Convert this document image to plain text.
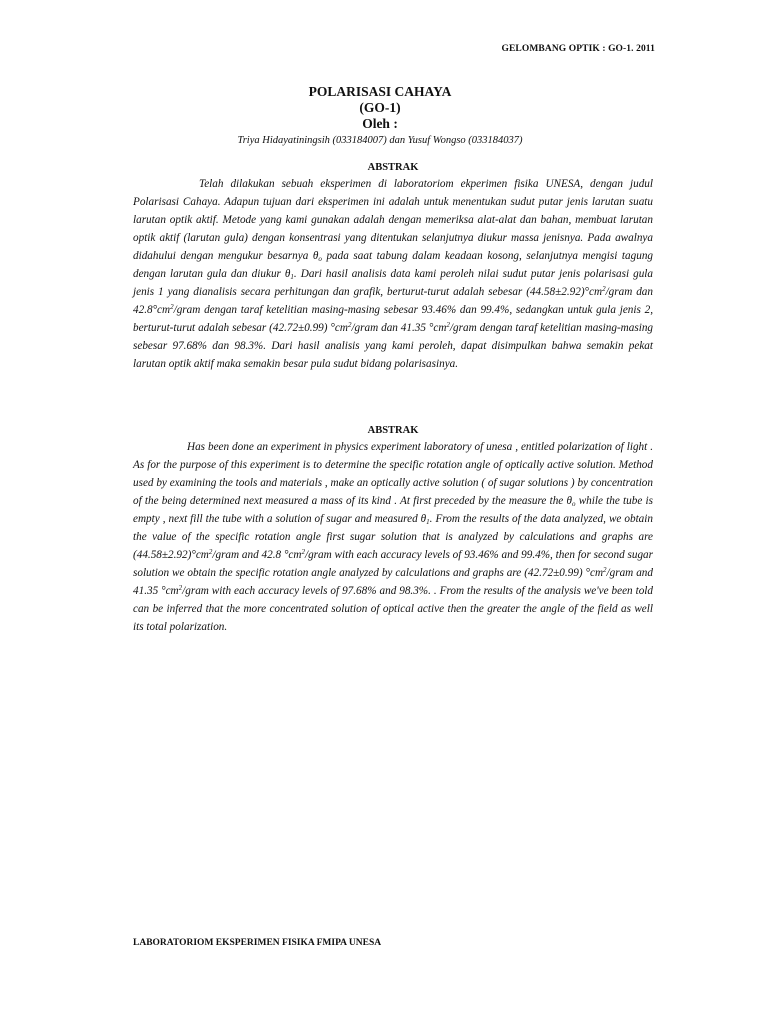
GELOMBANG OPTIK : GO-1. 2011
POLARISASI CAHAYA
(GO-1)
Oleh :
Triya Hidayatiningsih (033184007) dan Yusuf Wongso (033184037)
ABSTRAK

Telah dilakukan sebuah eksperimen di laboratoriom ekperimen fisika UNESA, dengan judul Polarisasi Cahaya. Adapun tujuan dari eksperimen ini adalah untuk menentukan sudut putar jenis larutan suatu larutan optik aktif. Metode yang kami gunakan adalah dengan memeriksa alat-alat dan bahan, membuat larutan optik aktif (larutan gula) dengan konsentrasi yang ditentukan selanjutnya diukur massa jenisnya. Pada awalnya didahului dengan mengukur besarnya $\theta_o$ pada saat tabung dalam keadaan kosong, selanjutnya mengisi tagung dengan larutan gula dan diukur $\theta_1$. Dari hasil analisis data kami peroleh nilai sudut putar jenis polarisasi gula jenis 1 yang dianalisis secara perhitungan dan grafik, berturut-turut adalah sebesar $(44.58\pm 2.92)^\circ cm^2$/gram dan $42.8^\circ cm^2$/gram dengan taraf ketelitian masing-masing sebesar 93.46% dan 99.4%, sedangkan untuk gula jenis 2, berturut-turut adalah sebesar (42.72±0.99) $^\circ cm^2$/gram dan 41.35 $^\circ cm^2$/gram dengan taraf ketelitian masing-masing sebesar 97.68% dan 98.3%. Dari hasil analisis yang kami peroleh, dapat disimpulkan bahwa semakin pekat larutan optik aktif maka semakin besar pula sudut bidang polarisasinya.

ABSTRAK

Has been done an experiment in physics experiment laboratory of unesa , entitled polarization of light . As for the purpose of this experiment is to determine the specific rotation angle of optically active solution. Method used by examining the tools and materials , make an optically active solution ( of sugar solutions ) by concentration of the being determined next measured a mass of its kind . At first preceded by the measure the $\theta_o$ while the tube is empty , next fill the tube with a solution of sugar and measured $\theta_1$. From the results of the data analyzed, we obtain the value of the specific rotation angle first sugar solution that is analyzed by calculations and graphs are $(44.58\pm 2.92)^\circ cm^2$/gram and 42.8 $^\circ cm^2$/gram with each accuracy levels of 93.46% and 99.4%, then for second sugar solution we obtain the specific rotation angle analyzed by calculations and graphs are (42.72±0.99) $^\circ cm^2$/gram and 41.35 $^\circ cm^2$/gram with each accuracy levels of 97.68% and 98.3%. . From the results of the analysis we've been told can be inferred that the more concentrated solution of optical active then the greater the angle of the field as well its total polarization.

LABORATORIOM EKSPERIMEN FISIKA FMIPA UNESA
